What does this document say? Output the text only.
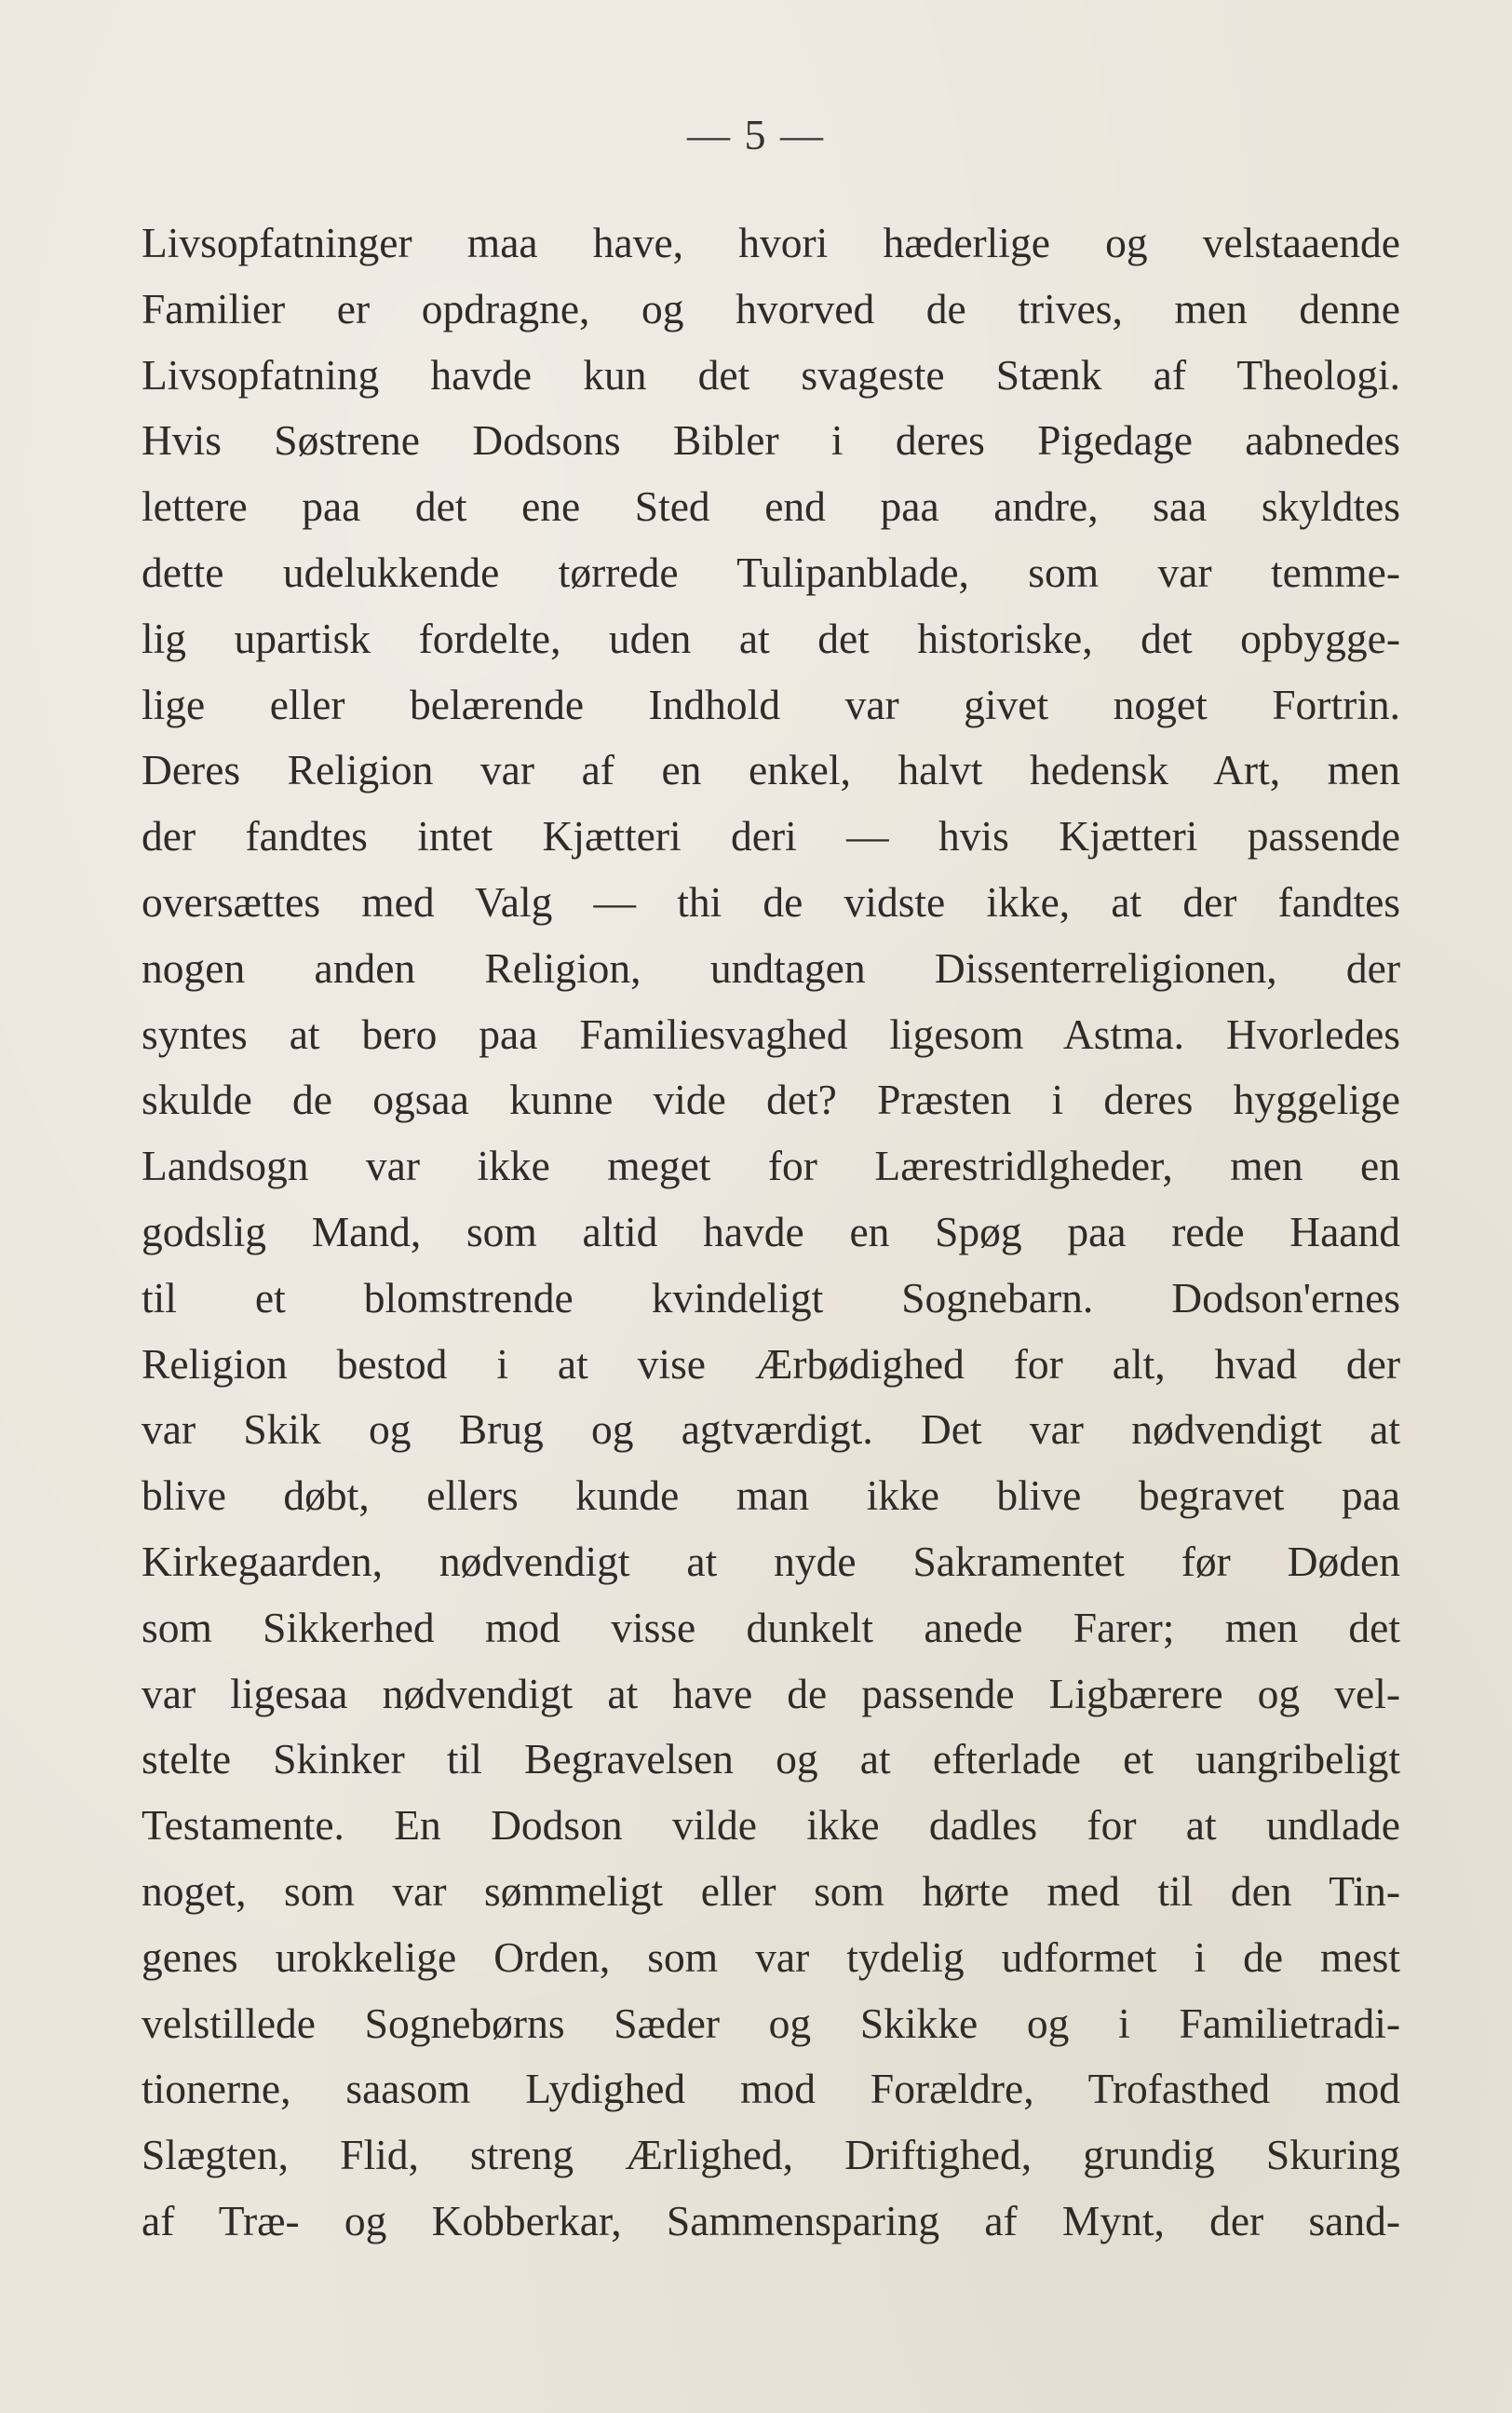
— 5 —
Livsopfatninger maa have, hvori hæderlige og velstaaende
Familier er opdragne, og hvorved de trives, men denne
Livsopfatning havde kun det svageste Stænk af Theologi.
Hvis Søstrene Dodsons Bibler i deres Pigedage aabnedes
lettere paa det ene Sted end paa andre, saa skyldtes
dette udelukkende tørrede Tulipanblade, som var temme-
lig upartisk fordelte, uden at det historiske, det opbygge-
lige eller belærende Indhold var givet noget Fortrin.
Deres Religion var af en enkel, halvt hedensk Art, men
der fandtes intet Kjætteri deri — hvis Kjætteri passende
oversættes med Valg — thi de vidste ikke, at der fandtes
nogen anden Religion, undtagen Dissenterreligionen, der
syntes at bero paa Familiesvaghed ligesom Astma. Hvorledes
skulde de ogsaa kunne vide det? Præsten i deres hyggelige
Landsogn var ikke meget for Lærestridlgheder, men en
godslig Mand, som altid havde en Spøg paa rede Haand
til et blomstrende kvindeligt Sognebarn. Dodson'ernes
Religion bestod i at vise Ærbødighed for alt, hvad der
var Skik og Brug og agtværdigt. Det var nødvendigt at
blive døbt, ellers kunde man ikke blive begravet paa
Kirkegaarden, nødvendigt at nyde Sakramentet før Døden
som Sikkerhed mod visse dunkelt anede Farer; men det
var ligesaa nødvendigt at have de passende Ligbærere og vel-
stelte Skinker til Begravelsen og at efterlade et uangribeligt
Testamente. En Dodson vilde ikke dadles for at undlade
noget, som var sømmeligt eller som hørte med til den Tin-
genes urokkelige Orden, som var tydelig udformet i de mest
velstillede Sognebørns Sæder og Skikke og i Familietradi-
tionerne, saasom Lydighed mod Forældre, Trofasthed mod
Slægten, Flid, streng Ærlighed, Driftighed, grundig Skuring
af Træ- og Kobberkar, Sammensparing af Mynt, der sand-
